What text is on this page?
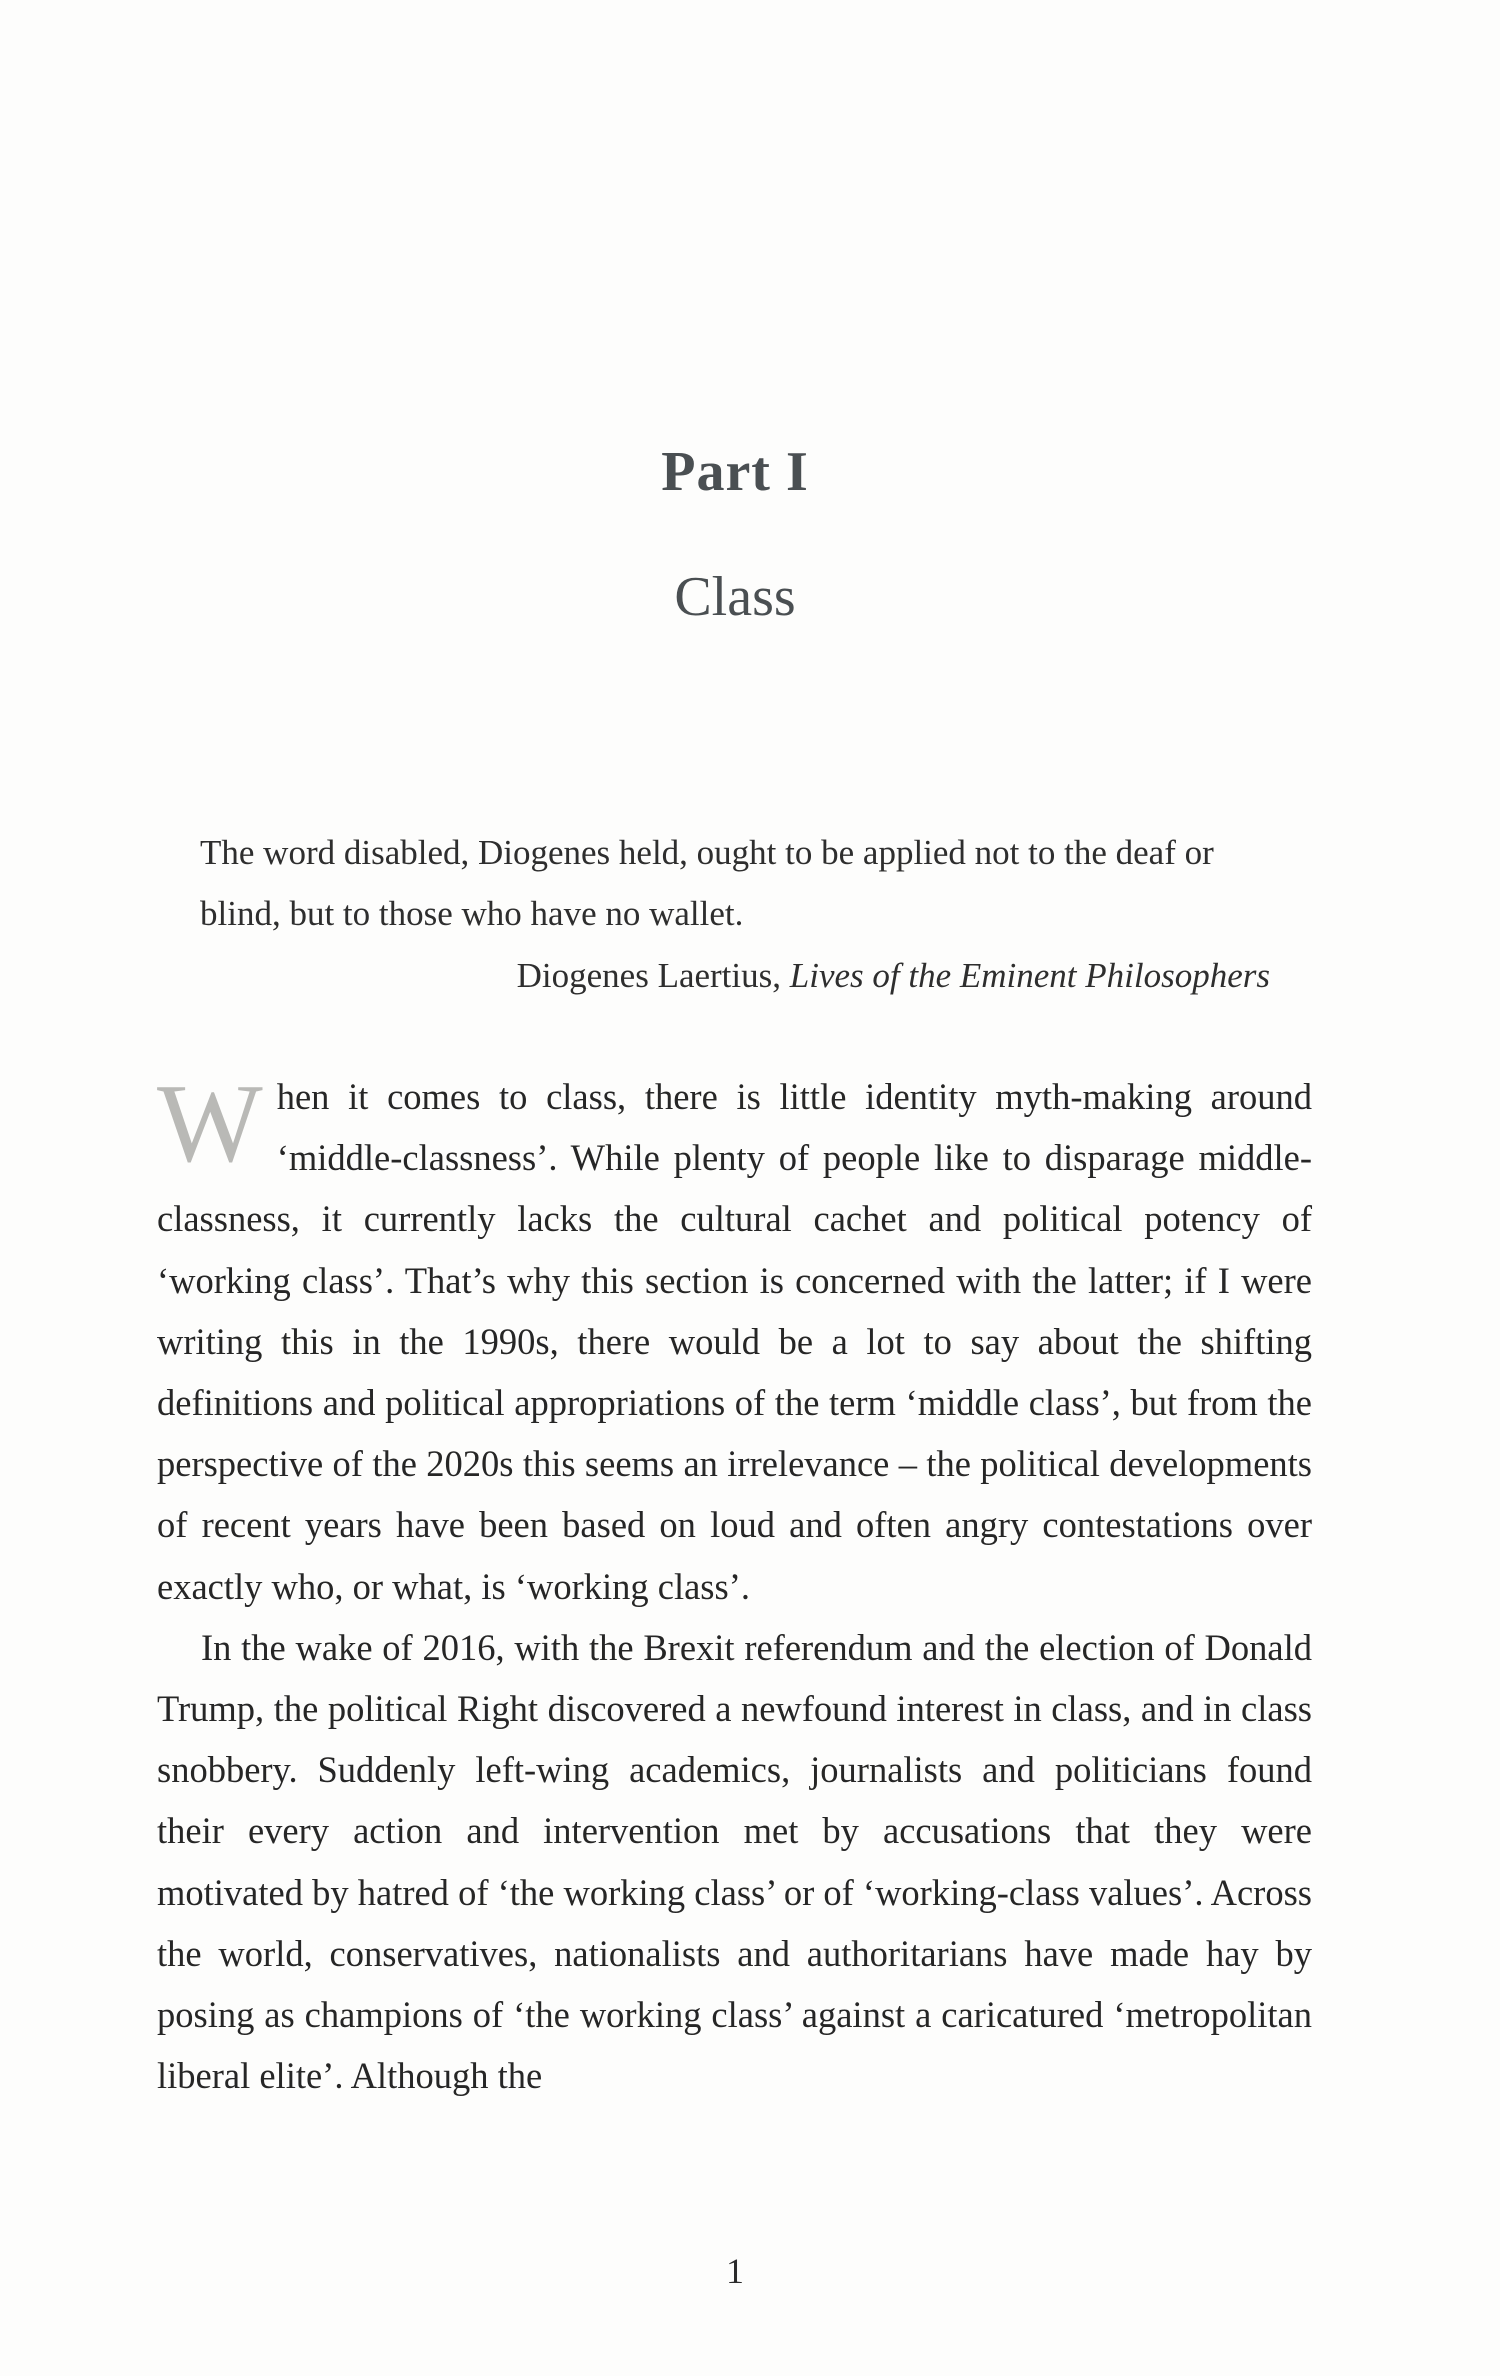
Part I
Class
The word disabled, Diogenes held, ought to be applied not to the deaf or blind, but to those who have no wallet.
Diogenes Laertius, Lives of the Eminent Philosophers

When it comes to class, there is little identity myth-making around ‘middle-classness’. While plenty of people like to disparage middle-classness, it currently lacks the cultural cachet and political potency of ‘working class’. That’s why this section is concerned with the latter; if I were writing this in the 1990s, there would be a lot to say about the shifting definitions and political appropriations of the term ‘middle class’, but from the perspective of the 2020s this seems an irrelevance – the political developments of recent years have been based on loud and often angry contestations over exactly who, or what, is ‘working class’.

In the wake of 2016, with the Brexit referendum and the election of Donald Trump, the political Right discovered a newfound interest in class, and in class snobbery. Suddenly left-wing academics, journalists and politicians found their every action and intervention met by accusations that they were motivated by hatred of ‘the working class’ or of ‘working-class values’. Across the world, conservatives, nationalists and authoritarians have made hay by posing as champions of ‘the working class’ against a caricatured ‘metropolitan liberal elite’. Although the

1
